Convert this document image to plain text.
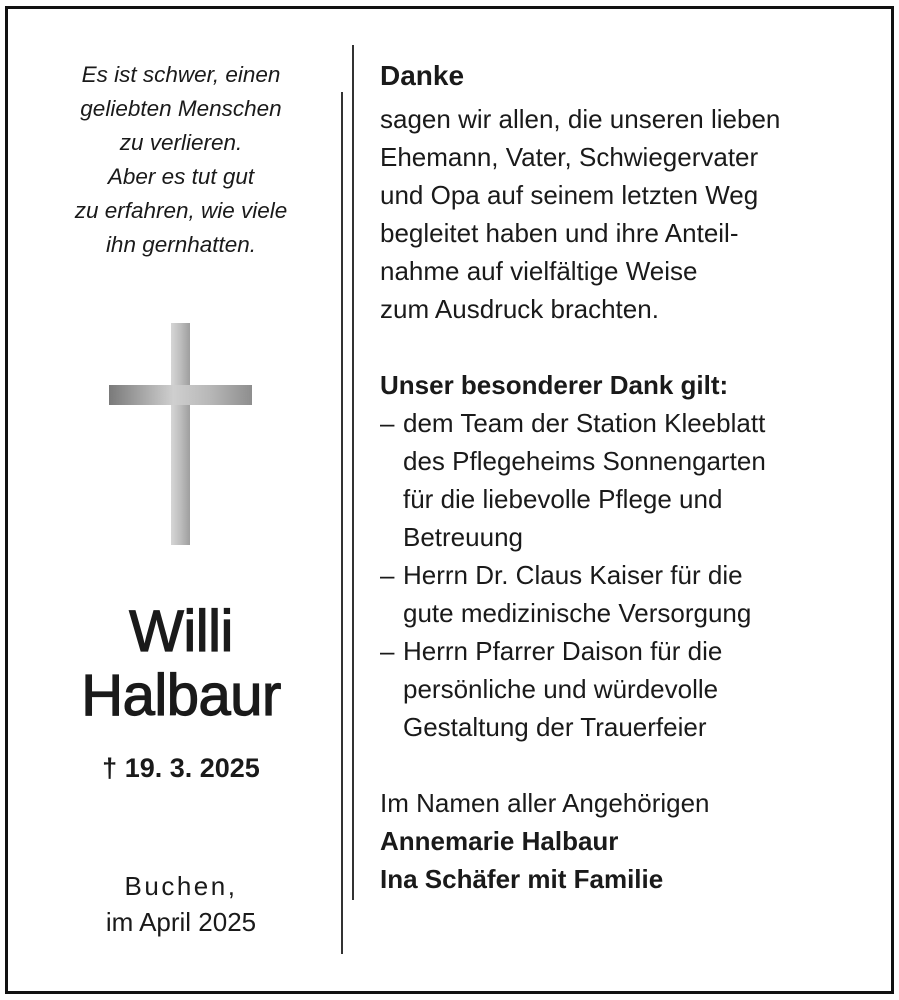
Es ist schwer, einen
geliebten Menschen
zu verlieren.
Aber es tut gut
zu erfahren, wie viele
ihn gernhatten.
Willi
Halbaur
† 19. 3. 2025
Buchen,
im April 2025
Danke
sagen wir allen, die unseren lieben
Ehemann, Vater, Schwiegervater
und Opa auf seinem letzten Weg
begleitet haben und ihre Anteil-
nahme auf vielfältige Weise
zum Ausdruck brachten.
Unser besonderer Dank gilt:
– dem Team der Station Kleeblatt
des Pflegeheims Sonnengarten
für die liebevolle Pflege und
Betreuung
– Herrn Dr. Claus Kaiser für die
gute medizinische Versorgung
– Herrn Pfarrer Daison für die
persönliche und würdevolle
Gestaltung der Trauerfeier
Im Namen aller Angehörigen
Annemarie Halbaur
Ina Schäfer mit Familie
